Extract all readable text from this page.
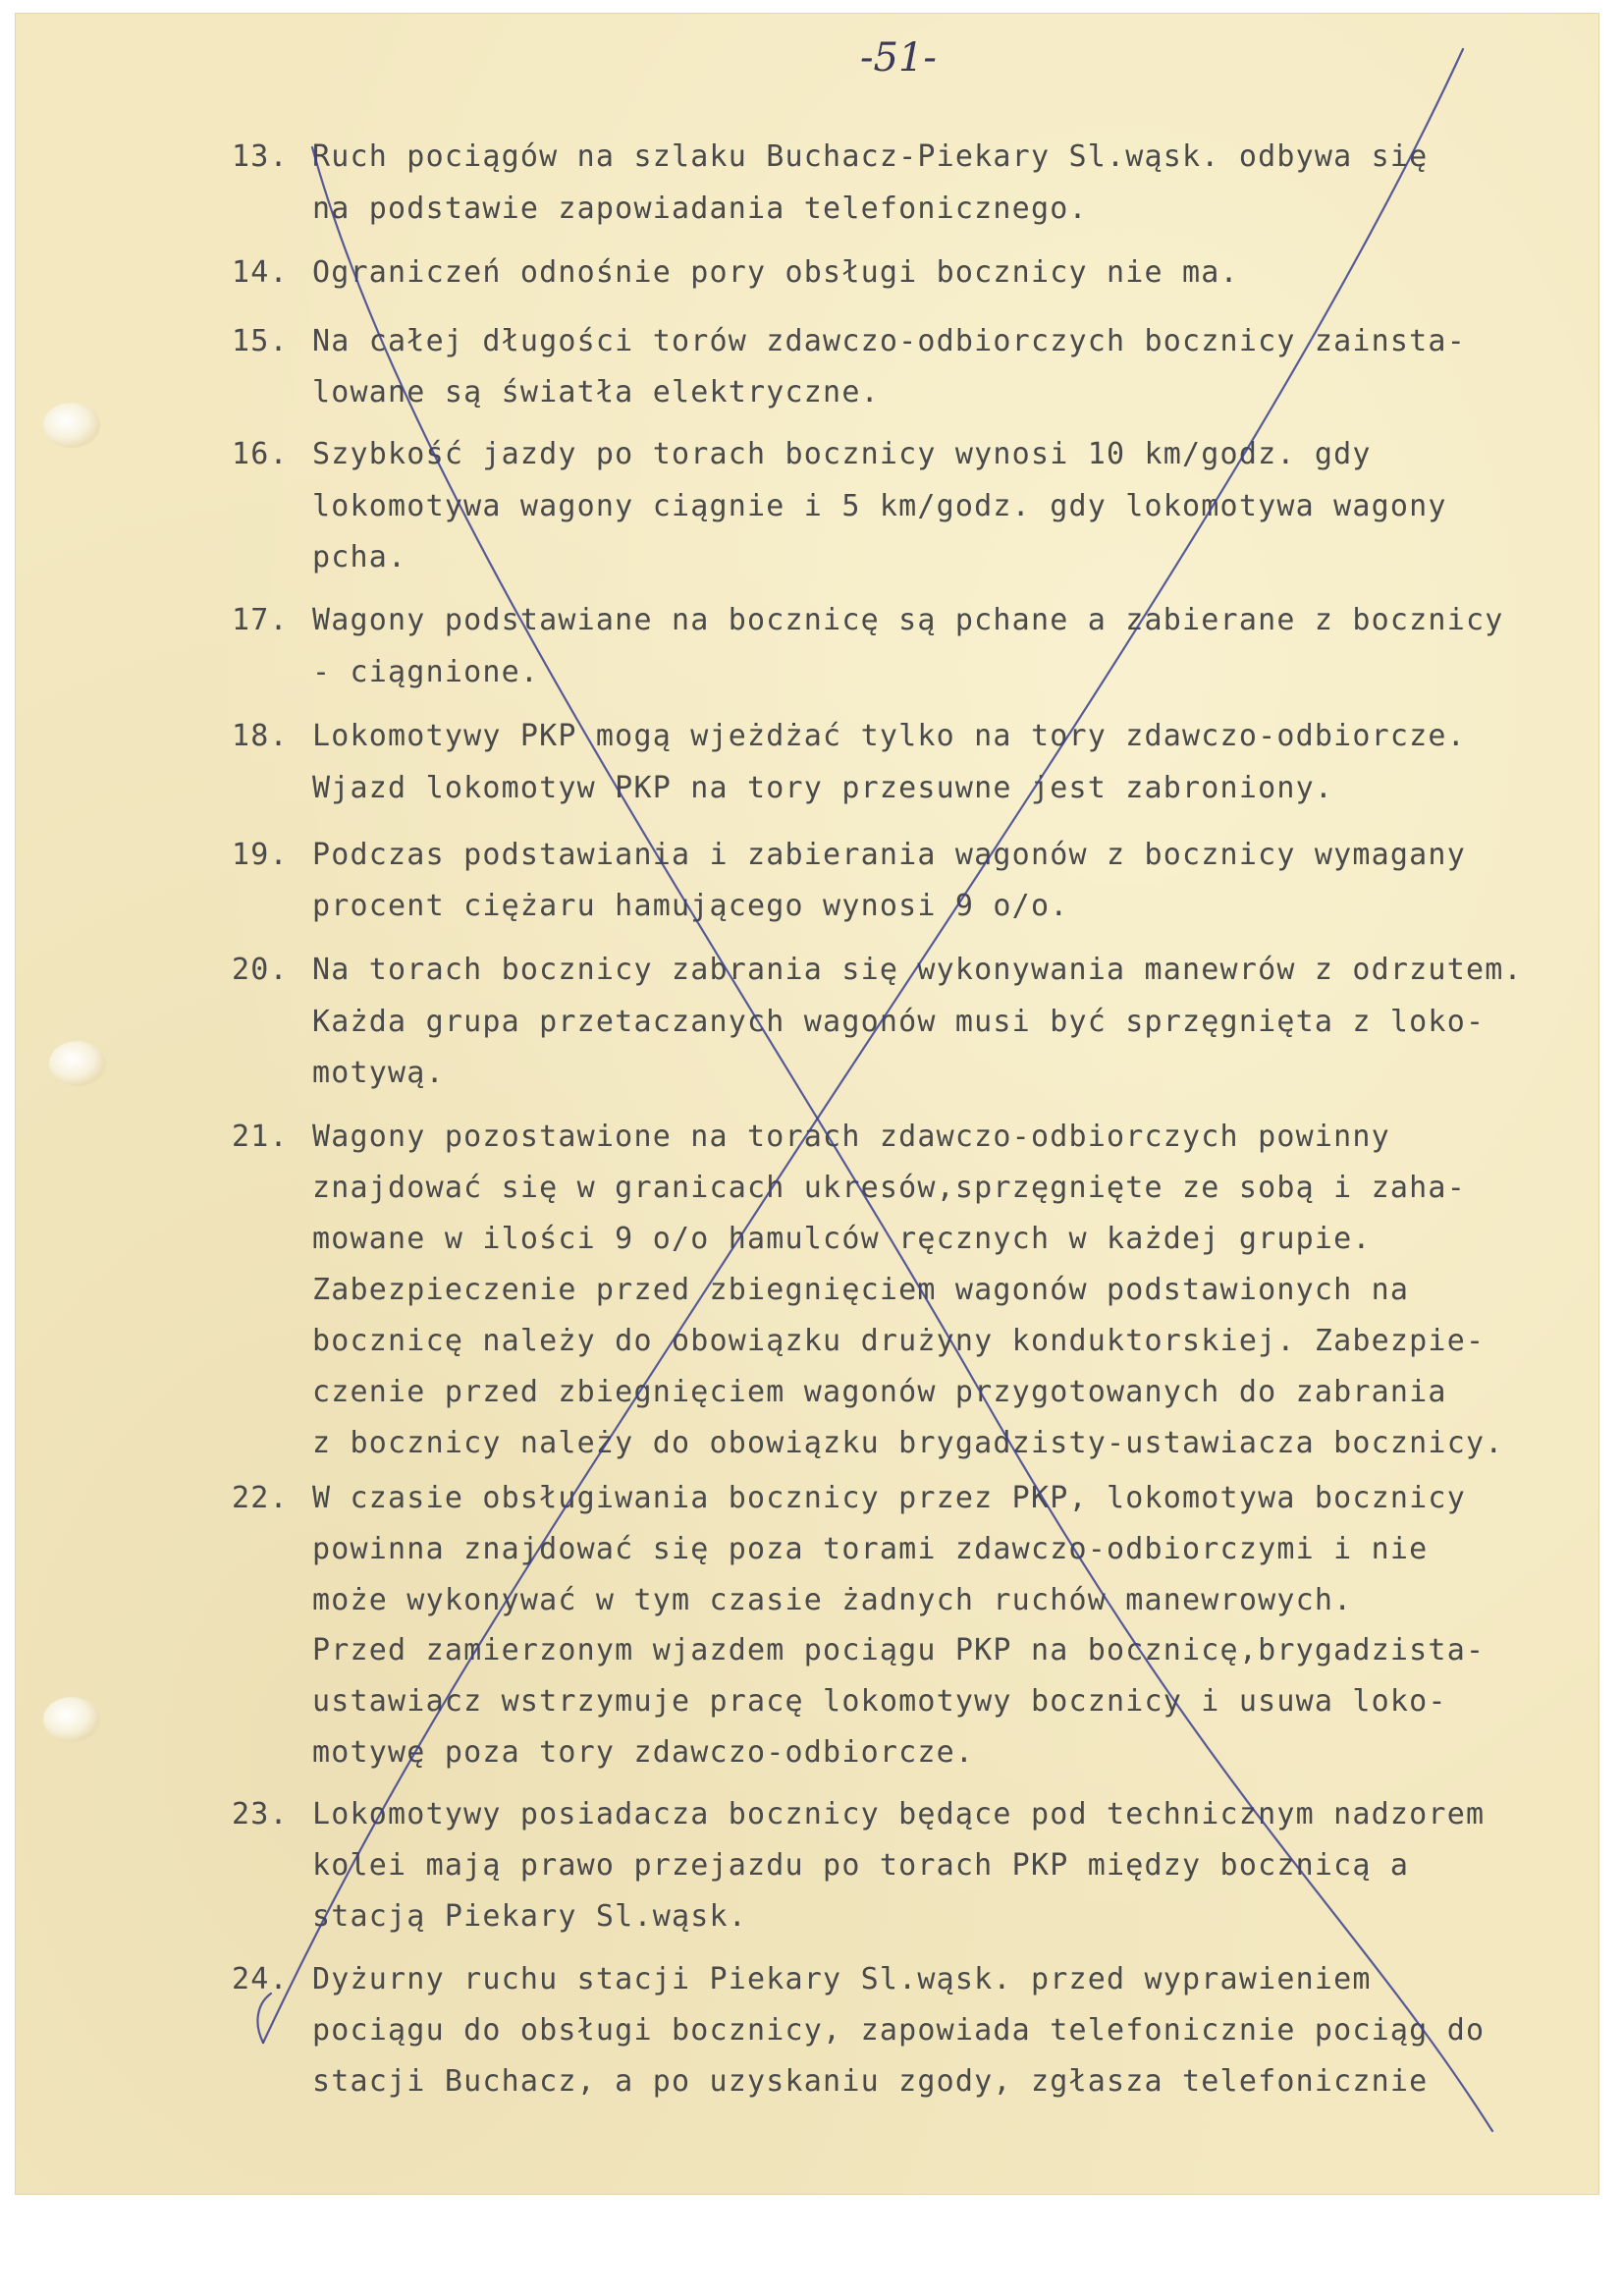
-51-
13.
14.
15.
16.
17.
18.
19.
20.
21.
22.
23.
24.
Ruch pociągów na szlaku Buchacz-Piekary Sl.wąsk. odbywa się
na podstawie zapowiadania telefonicznego.
Ograniczeń odnośnie pory obsługi bocznicy nie ma.
Na całej długości torów zdawczo-odbiorczych bocznicy zainsta-
lowane są światła elektryczne.
Szybkość jazdy po torach bocznicy wynosi 10 km/godz. gdy
lokomotywa wagony ciągnie i 5 km/godz. gdy lokomotywa wagony
pcha.
Wagony podstawiane na bocznicę są pchane a zabierane z bocznicy
- ciągnione.
Lokomotywy PKP mogą wjeżdżać tylko na tory zdawczo-odbiorcze.
Wjazd lokomotyw PKP na tory przesuwne jest zabroniony.
Podczas podstawiania i zabierania wagonów z bocznicy wymagany
procent ciężaru hamującego wynosi 9 o/o.
Na torach bocznicy zabrania się wykonywania manewrów z odrzutem.
Każda grupa przetaczanych wagonów musi być sprzęgnięta z loko-
motywą.
Wagony pozostawione na torach zdawczo-odbiorczych powinny
znajdować się w granicach ukresów,sprzęgnięte ze sobą i zaha-
mowane w ilości 9 o/o hamulców ręcznych w każdej grupie.
Zabezpieczenie przed zbiegnięciem wagonów podstawionych na
bocznicę należy do obowiązku drużyny konduktorskiej. Zabezpie-
czenie przed zbiegnięciem wagonów przygotowanych do zabrania
z bocznicy należy do obowiązku brygadzisty-ustawiacza bocznicy.
W czasie obsługiwania bocznicy przez PKP, lokomotywa bocznicy
powinna znajdować się poza torami zdawczo-odbiorczymi i nie
może wykonywać w tym czasie żadnych ruchów manewrowych.
Przed zamierzonym wjazdem pociągu PKP na bocznicę,brygadzista-
ustawiacz wstrzymuje pracę lokomotywy bocznicy i usuwa loko-
motywę poza tory zdawczo-odbiorcze.
Lokomotywy posiadacza bocznicy będące pod technicznym nadzorem
kolei mają prawo przejazdu po torach PKP między bocznicą a
stacją Piekary Sl.wąsk.
Dyżurny ruchu stacji Piekary Sl.wąsk. przed wyprawieniem
pociągu do obsługi bocznicy, zapowiada telefonicznie pociąg do
stacji Buchacz, a po uzyskaniu zgody, zgłasza telefonicznie
